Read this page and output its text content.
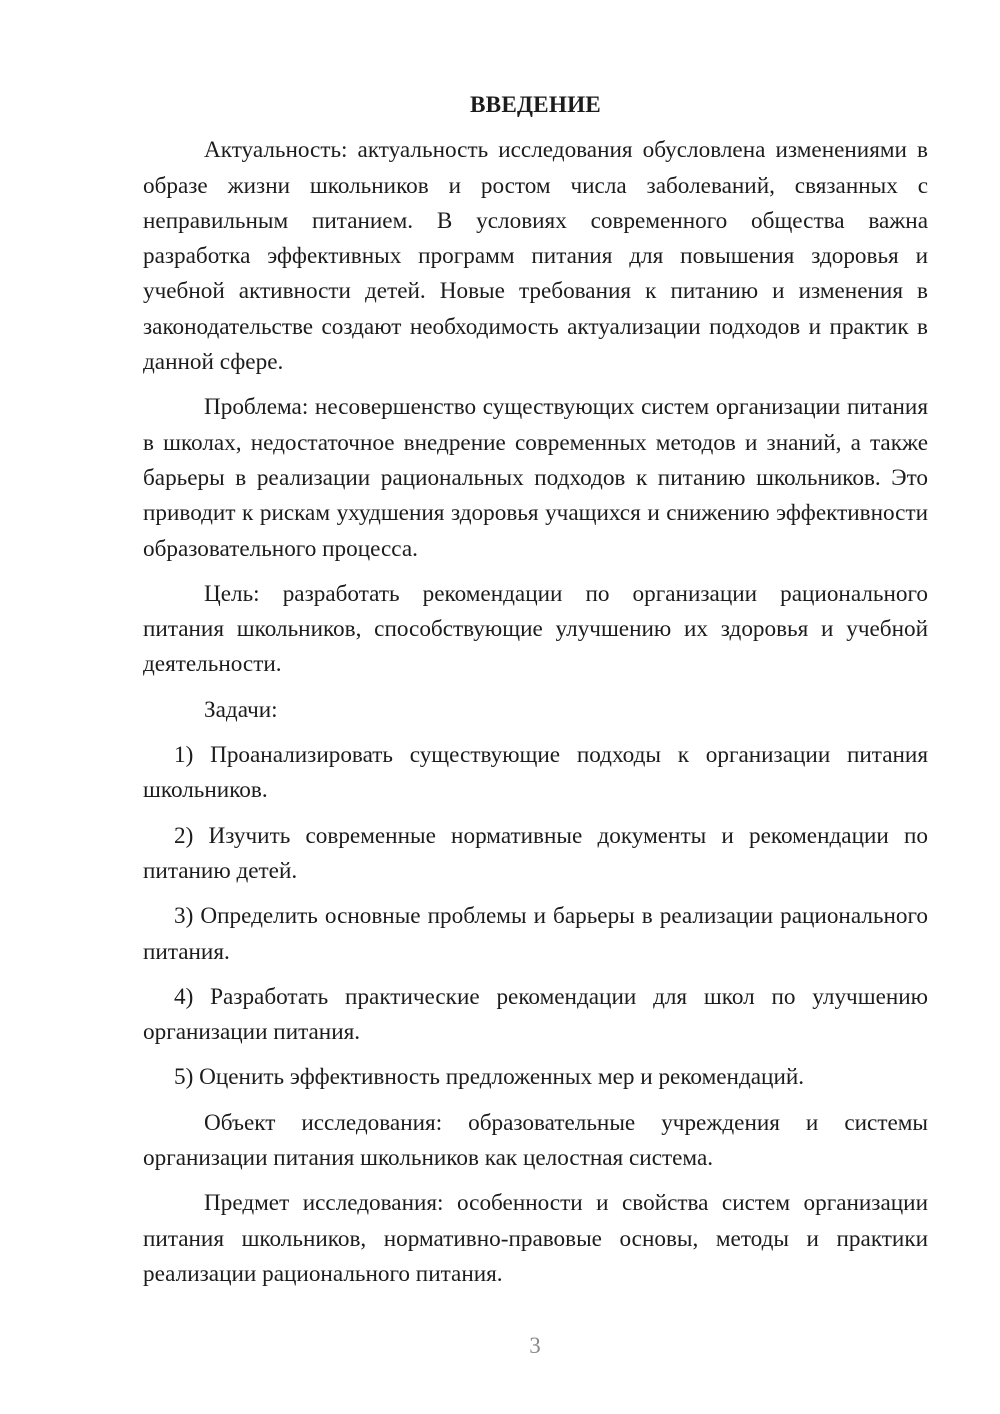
ВВЕДЕНИЕ

Актуальность: актуальность исследования обусловлена изменениями в образе жизни школьников и ростом числа заболеваний, связанных с неправильным питанием. В условиях современного общества важна разработка эффективных программ питания для повышения здоровья и учебной активности детей. Новые требования к питанию и изменения в законодательстве создают необходимость актуализации подходов и практик в данной сфере.

Проблема: несовершенство существующих систем организации питания в школах, недостаточное внедрение современных методов и знаний, а также барьеры в реализации рациональных подходов к питанию школьников. Это приводит к рискам ухудшения здоровья учащихся и снижению эффективности образовательного процесса.

Цель: разработать рекомендации по организации рационального питания школьников, способствующие улучшению их здоровья и учебной деятельности.

Задачи:

1) Проанализировать существующие подходы к организации питания школьников.

2) Изучить современные нормативные документы и рекомендации по питанию детей.

3) Определить основные проблемы и барьеры в реализации рационального питания.

4) Разработать практические рекомендации для школ по улучшению организации питания.

5) Оценить эффективность предложенных мер и рекомендаций.

Объект исследования: образовательные учреждения и системы организации питания школьников как целостная система.

Предмет исследования: особенности и свойства систем организации питания школьников, нормативно-правовые основы, методы и практики реализации рационального питания.

3
